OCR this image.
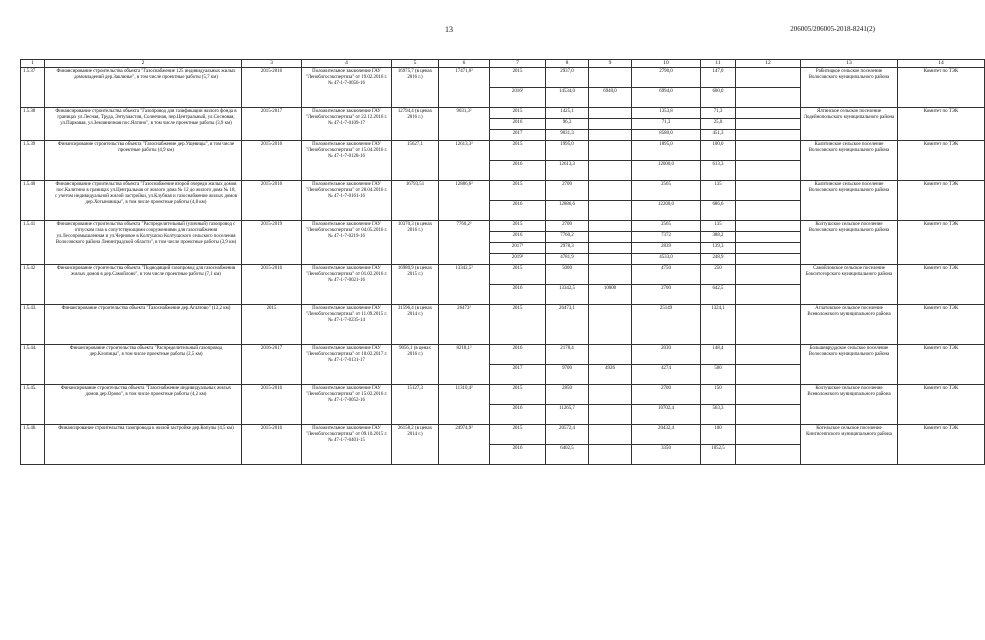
13	206005/206005-2018-8241(2)
1	2	3	4	5	6	7	8	9	10	11	12	13	14
1.5.37	Финансирование строительства объекта "Газоснабжение 125 индивидуальных жилых домовладений дер.Заклинье", в том числе проектные работы (5,7 км)	2015-2016	Положительное заключение ГАУ "Леноблгосэкспертиза" от 19.02.2016 г. № 47-1-7-0056-16	16975,7 (в ценах 2016 г.)	17471,0²	2015	2937,0		2790,0	147,0		Рабитицкое сельское поселение Волосовского муниципального района	Комитет по ТЭК
						2016³	14534,0	6940,0	6994,0	600,0			
1.5.38	Финансирование строительства объекта "Газопровод для газификации жилого фонда в границах ул.Лесная, Труда, Энтузиастов, Солнечная, пер.Центральный, ул.Сосновая, ул.Парковая, ул.Земляничная пос.Ялгино", в том числе проектные работы (3,9 км)	2015-2017	Положительное заключение ГАУ "Леноблгосэкспертиза" от 22.12.2016 г. № 47-1-7-0109-17	12794,4 (в ценах 2016 г.)	9031,3²	2015	1425,1		1353,8	71,3		Ялгинское сельское поселение Лодейнопольского муниципального района	Комитет по ТЭК
						2016	96,3		71,3	25,0			
						2017	9031,3		8580,0	451,3			
1.5.39	Финансирование строительства объекта "Газоснабжение дер.Ущевицы", в том числе проектные работы (4,9 км)	2015-2016	Положительное заключение ГАУ "Леноблгосэкспертиза" от 15.04.2016 г. № 47-1-7-0128-16	15627,1	12613,3²	2015	1995,0		1895,0	100,0		Калитинское сельское поселение Волосовского муниципального района	Комитет по ТЭК
						2016	12613,3		12000,0	613,3			
1.5.40	Финансирование строительства объекта "Газоснабжение второй очереди жилых домов пос.Калитино в границах ул.Центральная от жилого дома № 12 до жилого дома № 18, с учетом индивидуальной жилой застройки, ул.Клубная и газоснабжение жилых домов дер.Хотыновицы", в том числе проектные работы (4,8 км)	2015-2016	Положительное заключение ГАУ "Леноблгосэкспертиза" от 28.04.2016 г. № 47-1-7-0161-16	16793,51	12886,6²	2015	2700		2565	135		Калитинское сельское поселение Волосовского муниципального района	Комитет по ТЭК
						2016	12886,6		12200,0	686,6			
1.5.41	Финансирование строительства объекта "Распределительный (уличный) газопровод с отпуском газа к сопутствующими сооружениями для газоснабжения ул.Лесопромышленная и ул.Черновое в Колтушско Колтушского сельского поселения Волосовского района Ленинградской области", в том числе проектные работы (3,9 км)	2015-2019	Положительное заключение ГАУ "Леноблгосэкспертиза" от 04.05.2016 г. № 47-1-7-0219-16	10370,3 (в ценах 2016 г.)	7760,2²	2015	2700		2565	135		Колтушское сельское поселение Волосовского муниципального района	Комитет по ТЭК
						2016	7760,2		7372	388,2			
						2017²	2978,3		2839	139,3			
						2019²	4781,9		4533,0	248,9			
1.5.42	Финансирование строительства объекта "Подводящий газопровод для газоснабжения жилых домов в дер.Самойлово", в том числе проектные работы (7,1 км)	2015-2016	Положительное заключение ГАУ "Леноблгосэкспертиза" от 01.02.2016 г. № 47-1-7-0021-16	16980,9 (в ценах 2015 г.)	13342,5²	2015	5000		4750	250		Самойловское сельское поселение Бокситогорского муниципального района	Комитет по ТЭК
						2016	13342,5	10000	2700	642,5			
1.5.43.	Финансирование строительства объекта "Газоснабжение дер.Аглатово" (12,2 км)	2015	Положительное заключение ГАУ "Леноблгосэкспертиза" от 11.09.2015 г. № 47-1-7-0235-14	31596,4 (в ценах 2014 г.)	26473²	2015	26473,1		25149	1324,1		Аглатовское сельское поселение Всеволожского муниципального района	Комитет по ТЭК
1.5.44.	Финансирование строительства объекта "Распределительный газопровод дер.Клопицы", в том числе проектные работы (2,5 км)	2016-2017	Положительное заключение ГАУ "Леноблгосэкспертиза" от 10.02.2017 г. № 47-1-7-0131-17	9056,1 (в ценах 2016 г.)	8218,1²	2016	2178,4		2030	148,4		Большевруддское сельское поселение Волосовского муниципального района	Комитет по ТЭК
						2017	9700	4926	4274	500			
1.5.45.	Финансирование строительства объекта "Газоснабжение индивидуальных жилых домов дер.Орово", в том числе проектные работы (4,2 км)	2015-2016	Положительное заключение ГАУ "Леноблгосэкспертиза" от 15.02.2016 г. № 47-1-7-0052-16	15127,3	11310,4²	2015	2850		2700	150		Колтушское сельское поселение Всеволожского муниципального района	Комитет по ТЭК
						2016	11265,7		10702,4	563,3			
1.5.46.	Финансирование строительства газопровода к жилой застройке дер.Копулы (4,5 км)	2015-2016	Положительное заключение ГАУ "Леноблгосэкспертиза" от 09.10.2015 г. № 47-1-7-0401-15	26158,2 (в ценах 2014 г.)	24974,9²	2015	20572,4		20432,4	100		Котельское сельское поселение Кингисеппского муниципального района	Комитет по ТЭК
						2016	6402,5		3350	1052,5			
